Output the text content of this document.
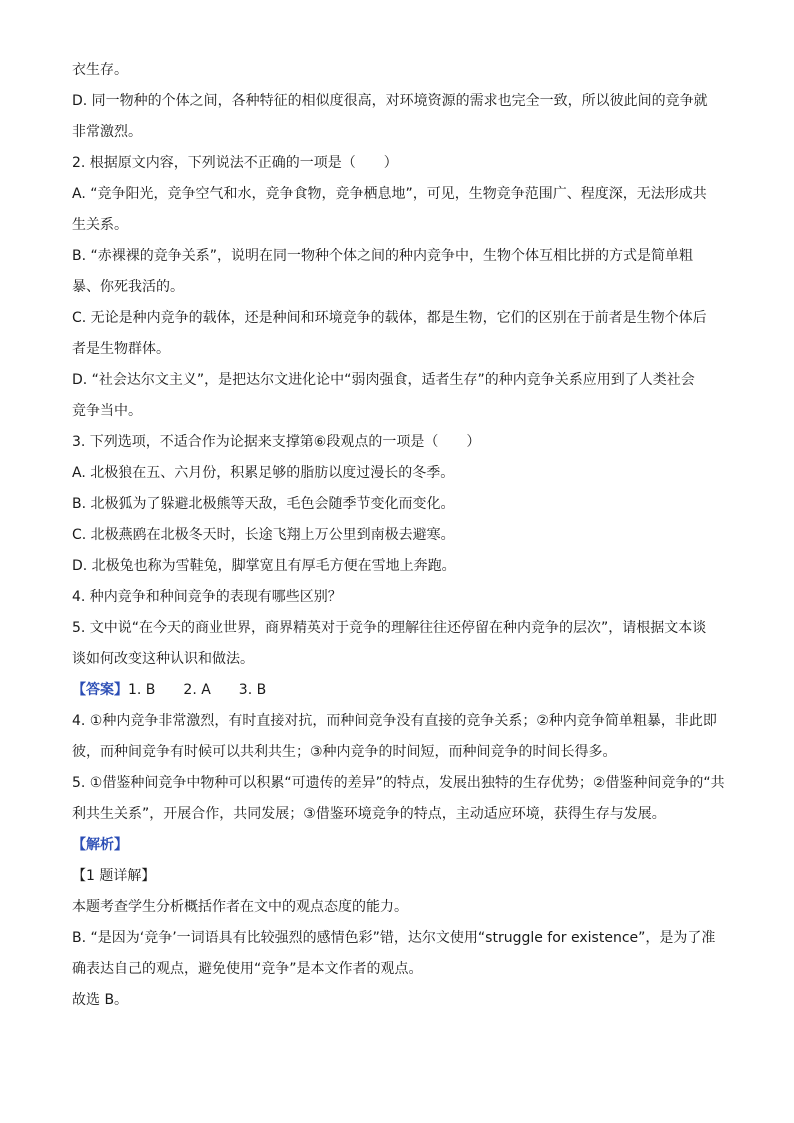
衣生存。
D. 同一物种的个体之间，各种特征的相似度很高，对环境资源的需求也完全一致，所以彼此间的竞争就
非常激烈。
2. 根据原文内容，下列说法不正确的一项是（　　）
A. “竞争阳光，竞争空气和水，竞争食物，竞争栖息地”，可见，生物竞争范围广、程度深，无法形成共
生关系。
B. “赤裸裸的竞争关系”，说明在同一物种个体之间的种内竞争中，生物个体互相比拼的方式是简单粗
暴、你死我活的。
C. 无论是种内竞争的载体，还是种间和环境竞争的载体，都是生物，它们的区别在于前者是生物个体后
者是生物群体。
D. “社会达尔文主义”，是把达尔文进化论中“弱肉强食，适者生存”的种内竞争关系应用到了人类社会
竞争当中。
3. 下列选项，不适合作为论据来支撑第⑥段观点的一项是（　　）
A. 北极狼在五、六月份，积累足够的脂肪以度过漫长的冬季。
B. 北极狐为了躲避北极熊等天敌，毛色会随季节变化而变化。
C. 北极燕鸥在北极冬天时，长途飞翔上万公里到南极去避寒。
D. 北极兔也称为雪鞋兔，脚掌宽且有厚毛方便在雪地上奔跑。
4. 种内竞争和种间竞争的表现有哪些区别？
5. 文中说“在今天的商业世界，商界精英对于竞争的理解往往还停留在种内竞争的层次”，请根据文本谈
谈如何改变这种认识和做法。
【答案】1. B　　2. A　　3. B
4. ①种内竞争非常激烈，有时直接对抗，而种间竞争没有直接的竞争关系；②种内竞争简单粗暴，非此即
彼，而种间竞争有时候可以共利共生；③种内竞争的时间短，而种间竞争的时间长得多。
5. ①借鉴种间竞争中物种可以积累“可遗传的差异”的特点，发展出独特的生存优势；②借鉴种间竞争的“共
利共生关系”，开展合作，共同发展；③借鉴环境竞争的特点，主动适应环境，获得生存与发展。
【解析】
【1 题详解】
本题考查学生分析概括作者在文中的观点态度的能力。
B. “是因为‘竞争’一词语具有比较强烈的感情色彩”错，达尔文使用“struggle for existence”，是为了准
确表达自己的观点，避免使用“竞争”是本文作者的观点。
故选 B。
